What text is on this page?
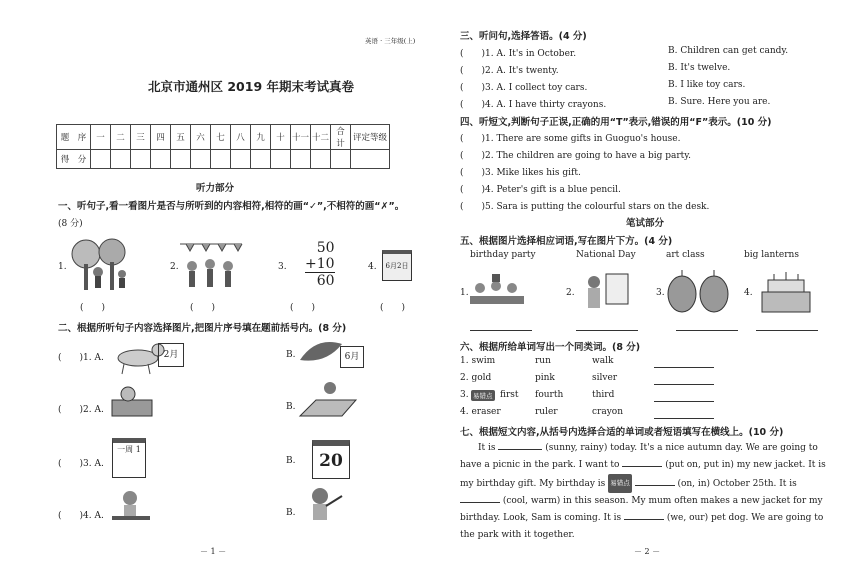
英语 · 三年级(上)
北京市通州区 2019 年期末考试真卷
题　序	一	二	三	四	五	六	七	八	九	十	十一	十二	合　计	评定等级
得　分														
听力部分
一、听句子,看一看图片是否与所听到的内容相符,相符的画“✓”,不相符的画“✗”。
(8 分)
1.	2.	3.
50
+10
60
4.	6月2日
(　　)	(　　)	(　　)	(　　)
二、根据所听句子内容选择图片,把图片序号填在题前括号内。(8 分)
(　　)1. A.	2月	B.	6月
(　　)2. A.	B.
(　　)3. A.
一周 1
B.	20
(　　)4. A.	B.
－ 1 －
三、听问句,选择答语。(4 分)
(　　)1. A. It's in October.	B. Children can get candy.
(　　)2. A. It's twenty.	B. It's twelve.
(　　)3. A. I collect toy cars.	B. I like toy cars.
(　　)4. A. I have thirty crayons.	B. Sure. Here you are.
四、听短文,判断句子正误,正确的用“T”表示,错误的用“F”表示。(10 分)
(　　)1. There are some gifts in Guoguo's house.
(　　)2. The children are going to have a big party.
(　　)3. Mike likes his gift.
(　　)4. Peter's gift is a blue pencil.
(　　)5. Sara is putting the colourful stars on the desk.
笔试部分
五、根据图片选择相应词语,写在图片下方。(4 分)
birthday party	National Day	art class	big lanterns
1.	2.	3.	4.
六、根据所给单词写出一个同类词。(8 分)
1. swim	run	walk
2. gold	pink	silver
3. 易错点 first fourth	third
4. eraser	ruler	crayon
七、根据短文内容,从括号内选择合适的单词或者短语填写在横线上。(10 分)
It is	(sunny, rainy) today. It's a nice autumn day. We are going to have a picnic in the park. I want to	(put on, put in) my new jacket. It is my birthday gift. My birthday is 易错点	(on, in) October 25th. It is  (cool, warm) in this season. My mum often makes a new jacket for my birthday. Look, Sam is coming. It is	(we, our) pet dog. We are going to the park with it together.
－ 2 －
